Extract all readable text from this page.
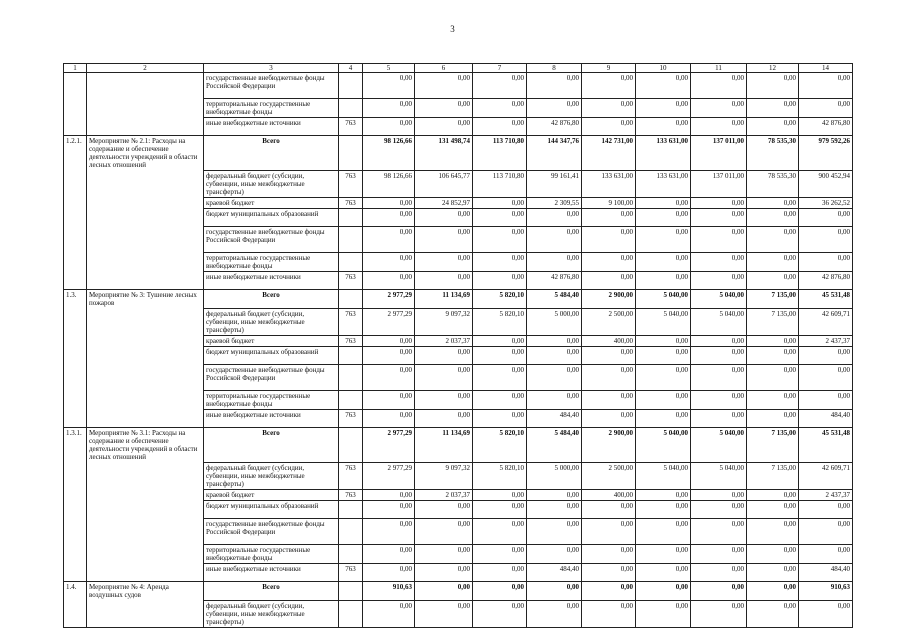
3
1	2	3	4	5	6	7	8	9	10	11	12	14
		государственные внебюджетные фонды Российской Федерации		0,00	0,00	0,00	0,00	0,00	0,00	0,00	0,00	0,00
		территориальные государственные внебюджетные фонды		0,00	0,00	0,00	0,00	0,00	0,00	0,00	0,00	0,00
		иные внебюджетные источники	763	0,00	0,00	0,00	42 876,80	0,00	0,00	0,00	0,00	42 876,80
1.2.1.	Мероприятие № 2.1: Расходы на содержание и обеспечение деятельности учреждений в области лесных отношений	Всего		98 126,66	131 498,74	113 710,80	144 347,76	142 731,00	133 631,00	137 011,00	78 535,30	979 592,26
		федеральный бюджет (субсидии, субвенции, иные межбюджетные трансферты)	763	98 126,66	106 645,77	113 710,80	99 161,41	133 631,00	133 631,00	137 011,00	78 535,30	900 452,94
		краевой бюджет	763	0,00	24 852,97	0,00	2 309,55	9 100,00	0,00	0,00	0,00	36 262,52
		бюджет муниципальных образований		0,00	0,00	0,00	0,00	0,00	0,00	0,00	0,00	0,00
		государственные внебюджетные фонды Российской Федерации		0,00	0,00	0,00	0,00	0,00	0,00	0,00	0,00	0,00
		территориальные государственные внебюджетные фонды		0,00	0,00	0,00	0,00	0,00	0,00	0,00	0,00	0,00
		иные внебюджетные источники	763	0,00	0,00	0,00	42 876,80	0,00	0,00	0,00	0,00	42 876,80
1.3.	Мероприятие № 3: Тушение лесных пожаров	Всего		2 977,29	11 134,69	5 820,10	5 484,40	2 900,00	5 040,00	5 040,00	7 135,00	45 531,48
		федеральный бюджет (субсидии, субвенции, иные межбюджетные трансферты)	763	2 977,29	9 097,32	5 820,10	5 000,00	2 500,00	5 040,00	5 040,00	7 135,00	42 609,71
		краевой бюджет	763	0,00	2 037,37	0,00	0,00	400,00	0,00	0,00	0,00	2 437,37
		бюджет муниципальных образований		0,00	0,00	0,00	0,00	0,00	0,00	0,00	0,00	0,00
		государственные внебюджетные фонды Российской Федерации		0,00	0,00	0,00	0,00	0,00	0,00	0,00	0,00	0,00
		территориальные государственные внебюджетные фонды		0,00	0,00	0,00	0,00	0,00	0,00	0,00	0,00	0,00
		иные внебюджетные источники	763	0,00	0,00	0,00	484,40	0,00	0,00	0,00	0,00	484,40
1.3.1.	Мероприятие № 3.1: Расходы на содержание и обеспечение деятельности учреждений в области лесных отношений	Всего		2 977,29	11 134,69	5 820,10	5 484,40	2 900,00	5 040,00	5 040,00	7 135,00	45 531,48
		федеральный бюджет (субсидии, субвенции, иные межбюджетные трансферты)	763	2 977,29	9 097,32	5 820,10	5 000,00	2 500,00	5 040,00	5 040,00	7 135,00	42 609,71
		краевой бюджет	763	0,00	2 037,37	0,00	0,00	400,00	0,00	0,00	0,00	2 437,37
		бюджет муниципальных образований		0,00	0,00	0,00	0,00	0,00	0,00	0,00	0,00	0,00
		государственные внебюджетные фонды Российской Федерации		0,00	0,00	0,00	0,00	0,00	0,00	0,00	0,00	0,00
		территориальные государственные внебюджетные фонды		0,00	0,00	0,00	0,00	0,00	0,00	0,00	0,00	0,00
		иные внебюджетные источники	763	0,00	0,00	0,00	484,40	0,00	0,00	0,00	0,00	484,40
1.4.	Мероприятие № 4: Аренда воздушных судов	Всего		910,63	0,00	0,00	0,00	0,00	0,00	0,00	0,00	910,63
		федеральный бюджет (субсидии, субвенции, иные межбюджетные трансферты)		0,00	0,00	0,00	0,00	0,00	0,00	0,00	0,00	0,00
